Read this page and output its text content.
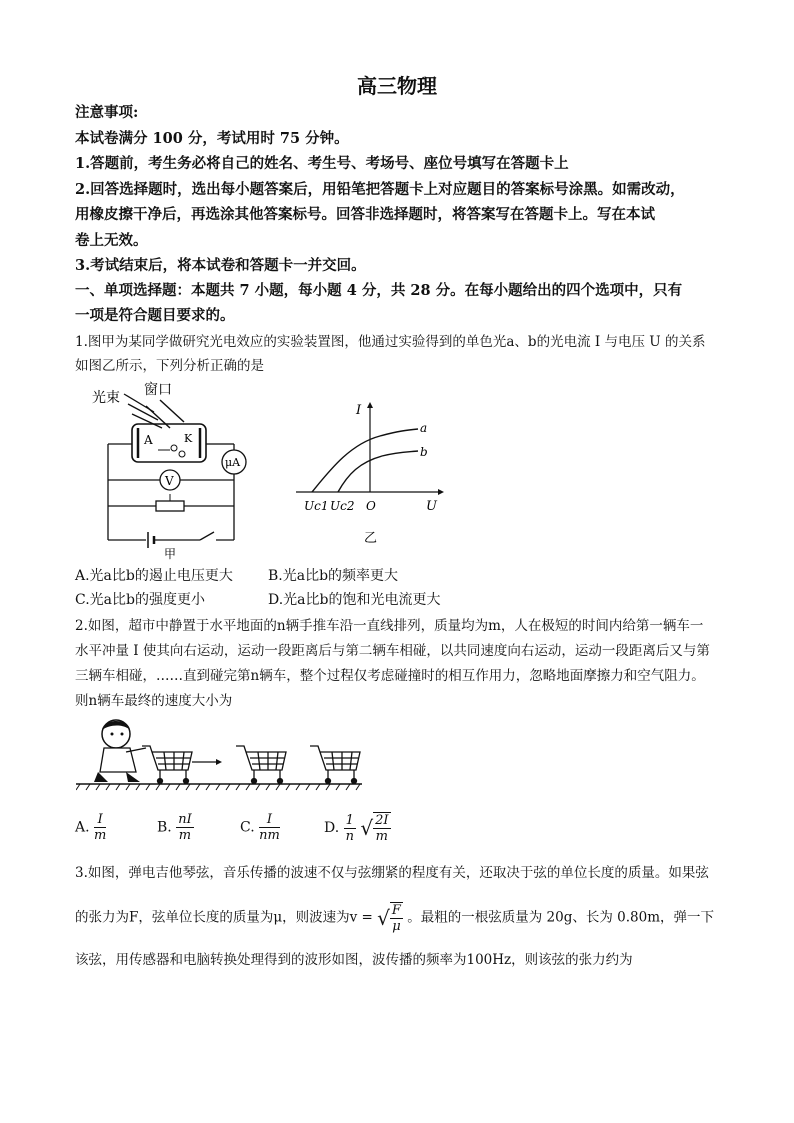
高三物理
注意事项:
本试卷满分 100 分，考试用时 75 分钟。
1.答题前，考生务必将自己的姓名、考生号、考场号、座位号填写在答题卡上
2.回答选择题时，选出每小题答案后，用铅笔把答题卡上对应题目的答案标号涂黑。如需改动，
用橡皮擦干净后，再选涂其他答案标号。回答非选择题时，将答案写在答题卡上。写在本试
卷上无效。
3.考试结束后，将本试卷和答题卡一并交回。
一、单项选择题：本题共 7 小题，每小题 4 分，共 28 分。在每小题给出的四个选项中，只有
一项是符合题目要求的。
1.图甲为某同学做研究光电效应的实验装置图，他通过实验得到的单色光a、b的光电流 I 与电压 U 的关系
如图乙所示，下列分析正确的是
光束 窗口
A	K
μA
V
甲
I
U
O
Uc1 Uc2
a
b
乙
A.光a比b的遏止电压更大	B.光a比b的频率更大
C.光a比b的强度更小	D.光a比b的饱和光电流更大
2.如图，超市中静置于水平地面的n辆手推车沿一直线排列，质量均为m，人在极短的时间内给第一辆车一
水平冲量 I 使其向右运动，运动一段距离后与第二辆车相碰，以共同速度向右运动，运动一段距离后又与第
三辆车相碰，……直到碰完第n辆车，整个过程仅考虑碰撞时的相互作用力，忽略地面摩擦力和空气阻力。
则n辆车最终的速度大小为
A. $\frac{I}{m}$	B. $\frac{nI}{m}$	C. $\frac{I}{nm}$	D. $\frac{1}{n}$ √ $\frac{2I}{m}$
3.如图，弹电吉他琴弦，音乐传播的波速不仅与弦绷紧的程度有关，还取决于弦的单位长度的质量。如果弦
的张力为F，弦单位长度的质量为μ，则波速为v = √ $\frac{F}{\mu}$ 。最粗的一根弦质量为 20g、长为 0.80m，弹一下
该弦，用传感器和电脑转换处理得到的波形如图，波传播的频率为100Hz，则该弦的张力约为
